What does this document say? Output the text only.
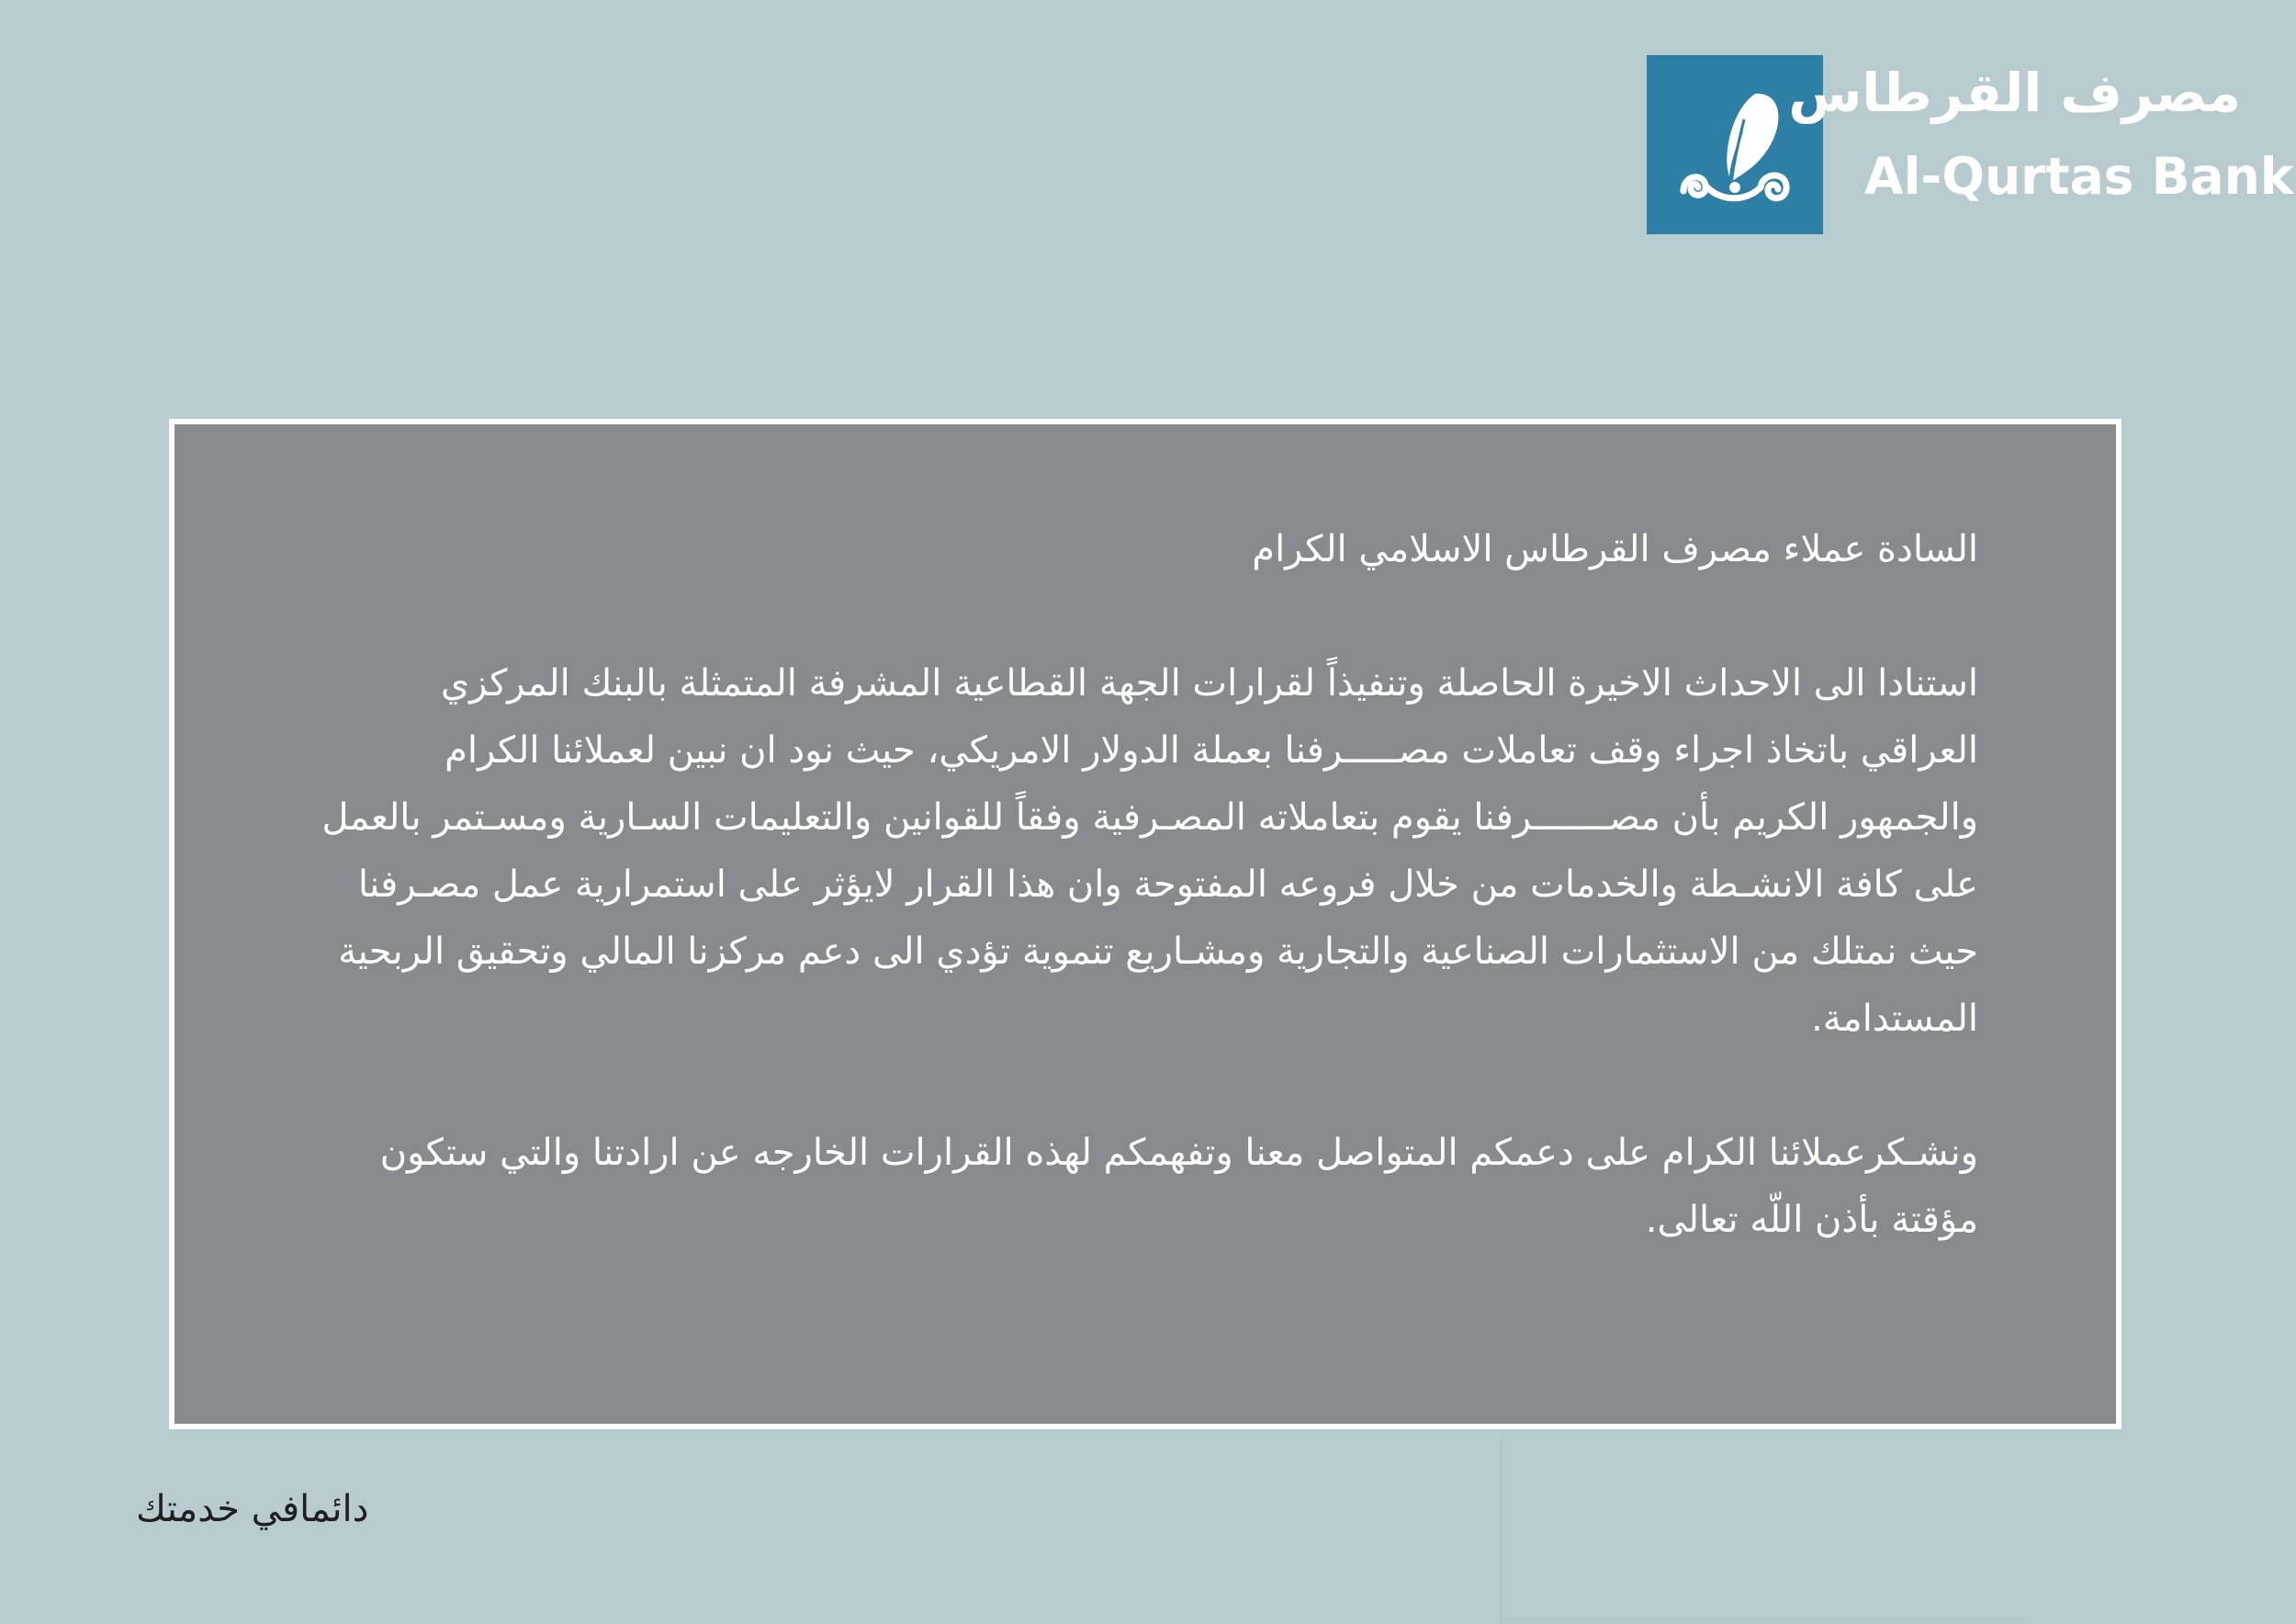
مصرف القرطاس
Al-Qurtas Bank

السادة عملاء مصرف القرطاس الاسلامي الكرام

استنادا الى الاحداث الاخيرة الحاصلة وتنفيذاً لقرارات الجهة القطاعية المشرفة المتمثلة بالبنك المركزي العراقي باتخاذ اجراء وقف تعاملات مصـــــرفنا بعملة الدولار الامريكي، حيث نود ان نبين لعملائنا الكرام والجمهور الكريم بأن مصـــــــرفنا يقوم بتعاملاته المصـرفية وفقاً للقوانين والتعليمات السـارية ومسـتمر بالعمل على كافة الانشـطة والخدمات من خلال فروعه المفتوحة وان هذا القرار لايؤثر على استمرارية عمل مصـرفنا حيث نمتلك من الاستثمارات الصناعية والتجارية ومشـاريع تنموية تؤدي الى دعم مركزنا المالي وتحقيق الربحية المستدامة.

ونشـكرعملائنا الكرام على دعمكم المتواصل معنا وتفهمكم لهذه القرارات الخارجه عن ارادتنا والتي ستكون مؤقتة بأذن اللّه تعالى.

دائمافي خدمتك
